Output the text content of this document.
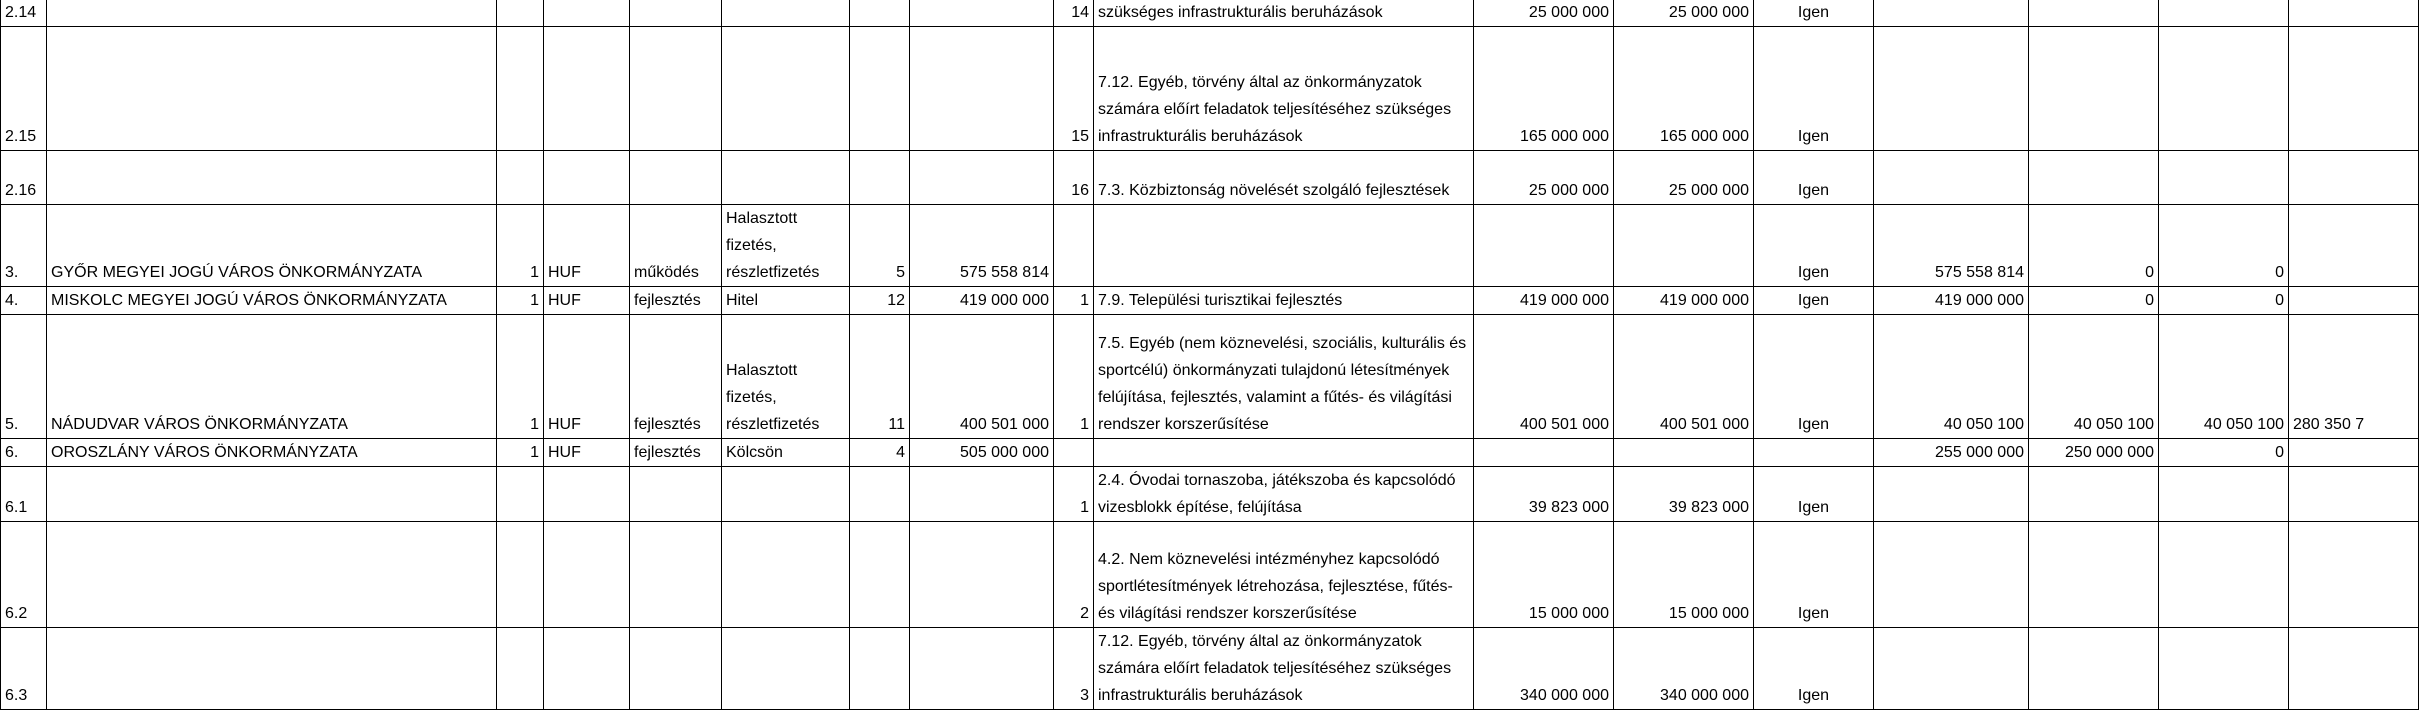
2.14								14	szükséges infrastrukturális beruházások	25 000 000	25 000 000	Igen				
2.15								15	7.12. Egyéb, törvény által az önkormányzatok számára előírt feladatok teljesítéséhez szükséges infrastrukturális beruházások	165 000 000	165 000 000	Igen				
2.16								16	7.3. Közbiztonság növelését szolgáló fejlesztések	25 000 000	25 000 000	Igen				
3.	GYŐR MEGYEI JOGÚ VÁROS ÖNKORMÁNYZATA	1	HUF	működés	Halasztott fizetés, részletfizetés	5	575 558 814					Igen	575 558 814	0	0	
4.	MISKOLC MEGYEI JOGÚ VÁROS ÖNKORMÁNYZATA	1	HUF	fejlesztés	Hitel	12	419 000 000	1	7.9. Települési turisztikai fejlesztés	419 000 000	419 000 000	Igen	419 000 000	0	0	
5.	NÁDUDVAR VÁROS ÖNKORMÁNYZATA	1	HUF	fejlesztés	Halasztott fizetés, részletfizetés	11	400 501 000	1	7.5. Egyéb (nem köznevelési, szociális, kulturális és sportcélú) önkormányzati tulajdonú létesítmények felújítása, fejlesztés, valamint a fűtés- és világítási rendszer korszerűsítése	400 501 000	400 501 000	Igen	40 050 100	40 050 100	40 050 100	280 350 7
6.	OROSZLÁNY VÁROS ÖNKORMÁNYZATA	1	HUF	fejlesztés	Kölcsön	4	505 000 000						255 000 000	250 000 000	0	
6.1								1	2.4. Óvodai tornaszoba, játékszoba és kapcsolódó vizesblokk építése, felújítása	39 823 000	39 823 000	Igen				
6.2								2	4.2. Nem köznevelési intézményhez kapcsolódó sportlétesítmények létrehozása, fejlesztése, fűtés- és világítási rendszer korszerűsítése	15 000 000	15 000 000	Igen				
6.3								3	7.12. Egyéb, törvény által az önkormányzatok számára előírt feladatok teljesítéséhez szükséges infrastrukturális beruházások	340 000 000	340 000 000	Igen				
